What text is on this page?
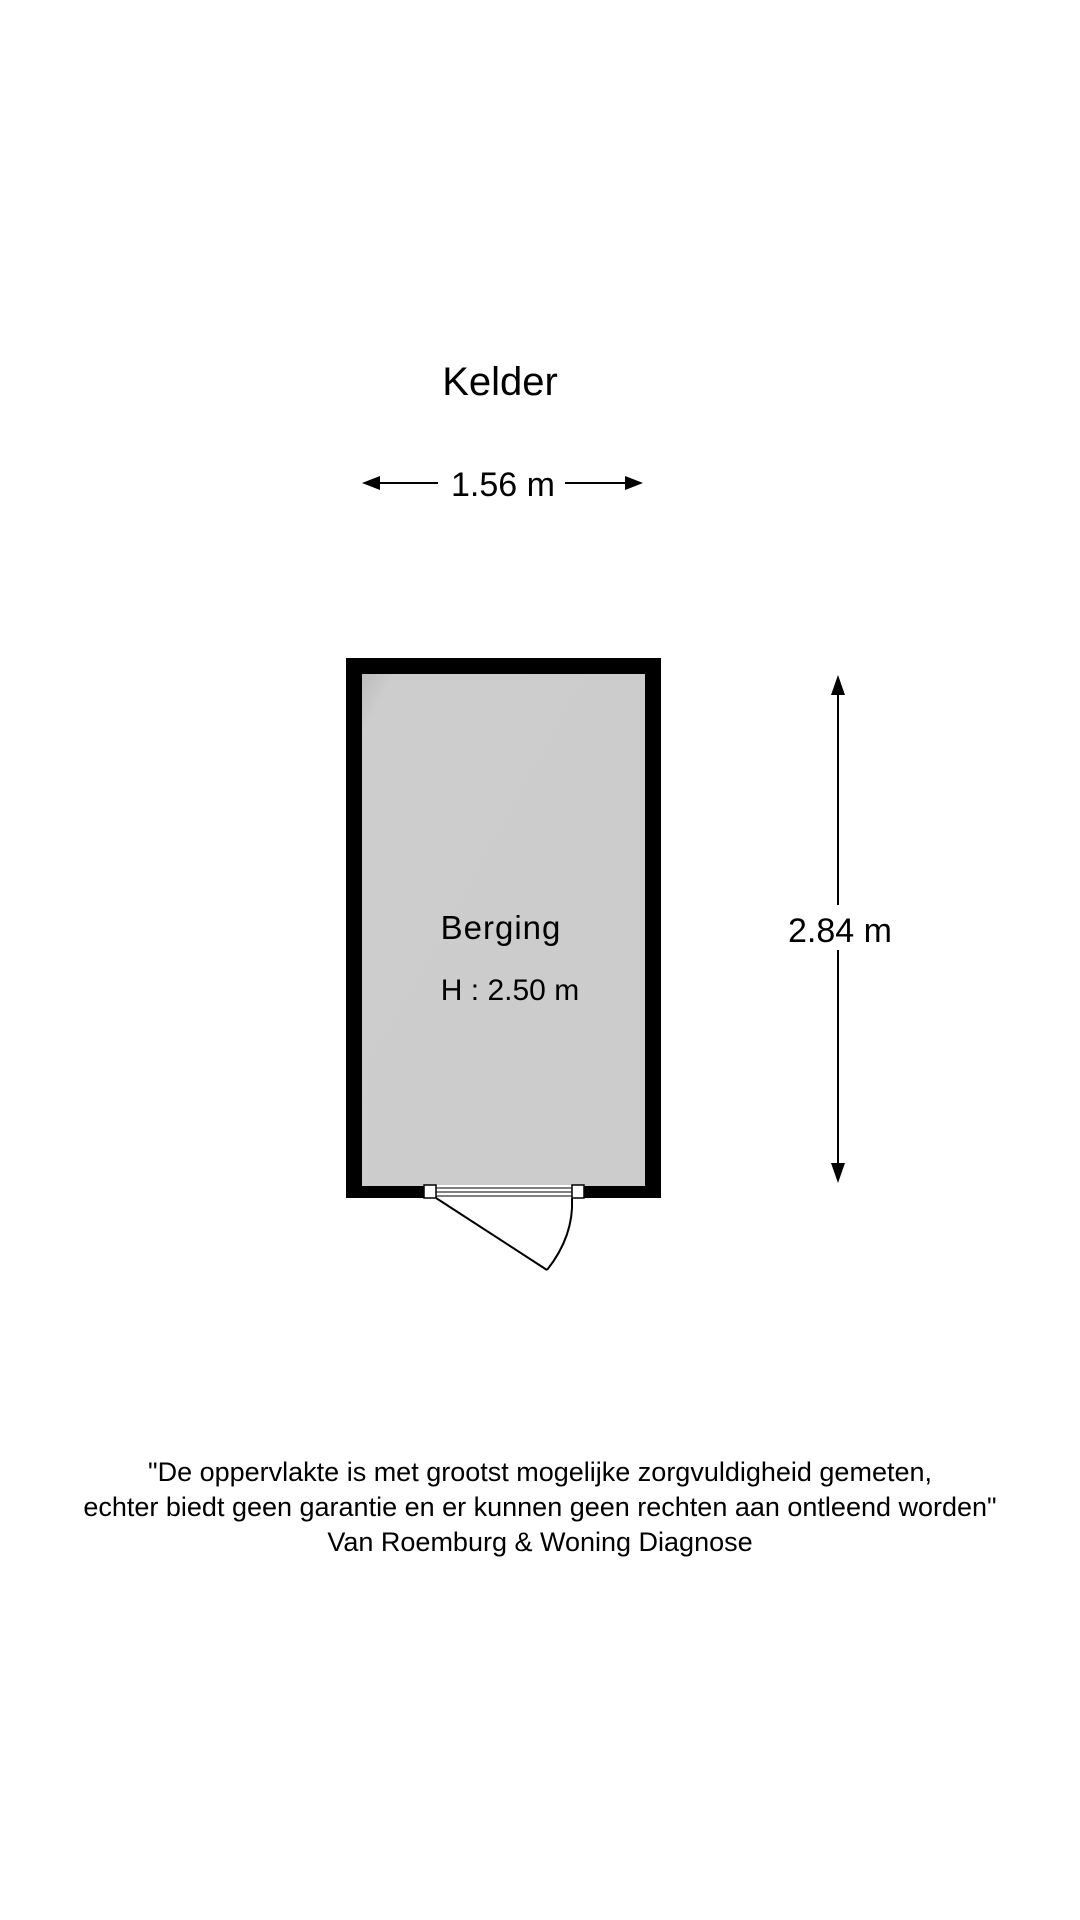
Kelder
1.56 m
Berging
H : 2.50 m
2.84 m
"De oppervlakte is met grootst mogelijke zorgvuldigheid gemeten,
echter biedt geen garantie en er kunnen geen rechten aan ontleend worden"
Van Roemburg & Woning Diagnose
